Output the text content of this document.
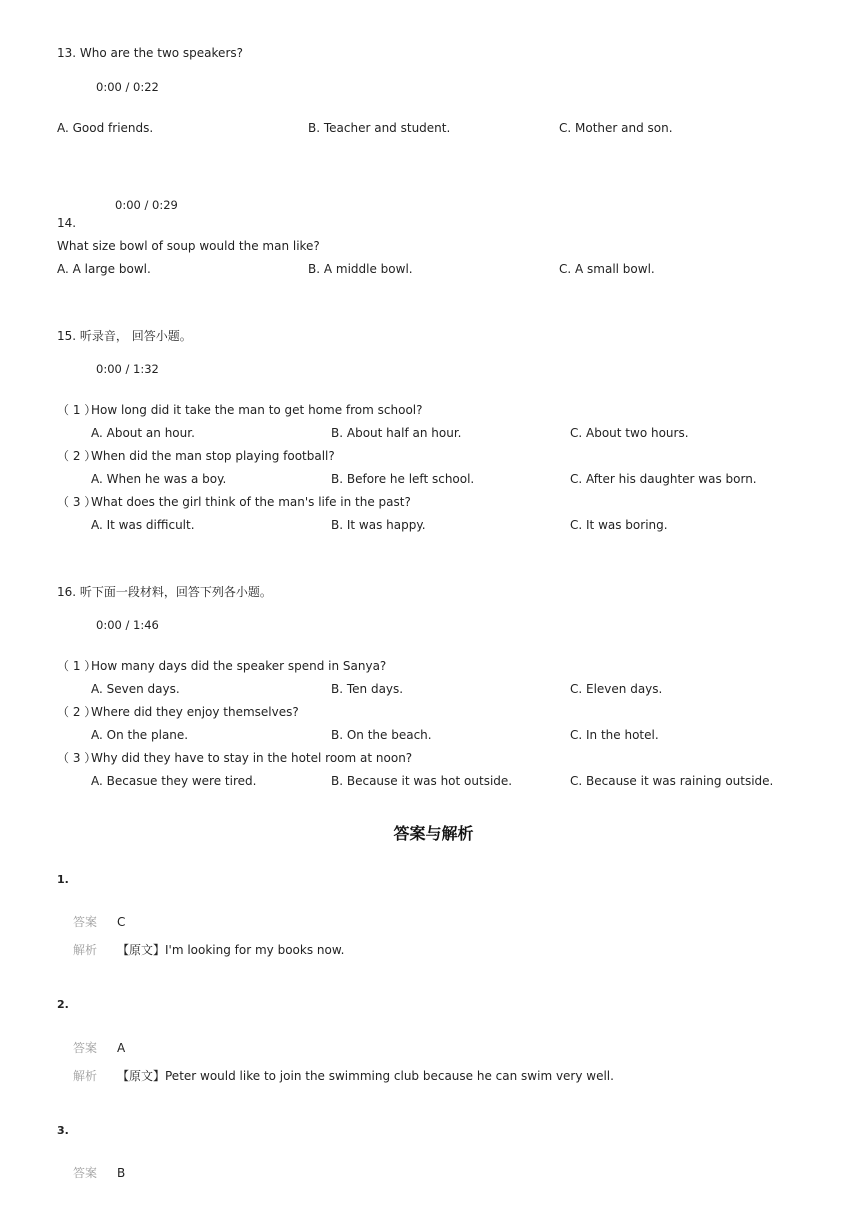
13. Who are the two speakers?
0:00 / 0:22
A. Good friends.	B. Teacher and student.	C. Mother and son.
0:00 / 0:29
14.
What size bowl of soup would the man like?
A. A large bowl.	B. A middle bowl.	C. A small bowl.
15. 听录音， 回答小题。
0:00 / 1:32
（ 1 ）
How long did it take the man to get home from school?
A. About an hour.	B. About half an hour.	C. About two hours.
（ 2 ）
When did the man stop playing football?
A. When he was a boy.	B. Before he left school.	C. After his daughter was born.
（ 3 ）
What does the girl think of the man's life in the past?
A. It was difficult.	B. It was happy.	C. It was boring.
16. 听下面一段材料，回答下列各小题。
0:00 / 1:46
（ 1 ）
How many days did the speaker spend in Sanya?
A. Seven days.	B. Ten days.	C. Eleven days.
（ 2 ）
Where did they enjoy themselves?
A. On the plane.	B. On the beach.	C. In the hotel.
（ 3 ）
Why did they have to stay in the hotel room at noon?
A. Becasue they were tired.	B. Because it was hot outside.	C. Because it was raining outside.
答案与解析
1.
答案 C
解析 【原文】I'm looking for my books now.
2.
答案 A
解析 【原文】Peter would like to join the swimming club because he can swim very well.
3.
答案 B
